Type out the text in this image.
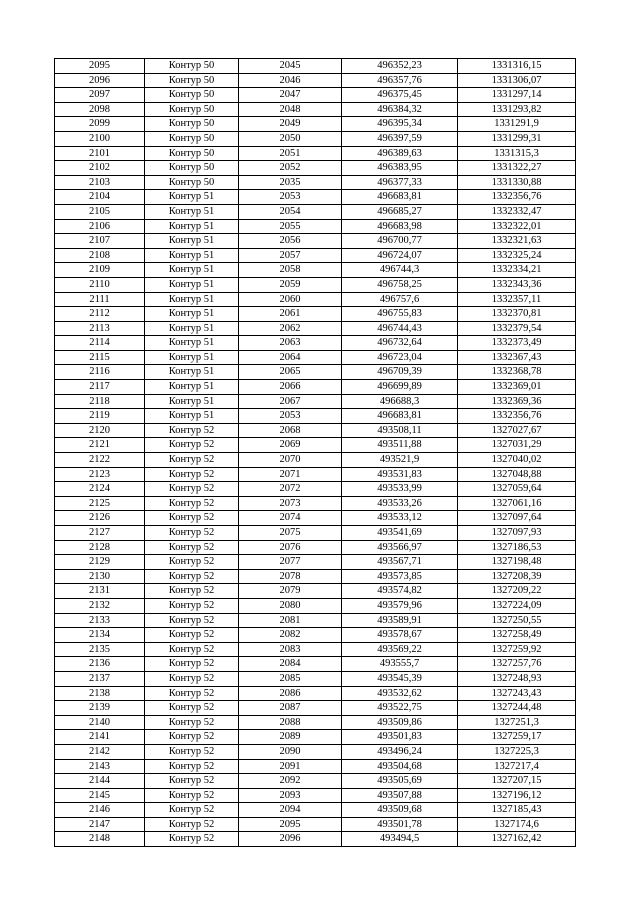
2095	Контур 50	2045	496352,23	1331316,15
2096	Контур 50	2046	496357,76	1331306,07
2097	Контур 50	2047	496375,45	1331297,14
2098	Контур 50	2048	496384,32	1331293,82
2099	Контур 50	2049	496395,34	1331291,9
2100	Контур 50	2050	496397,59	1331299,31
2101	Контур 50	2051	496389,63	1331315,3
2102	Контур 50	2052	496383,95	1331322,27
2103	Контур 50	2035	496377,33	1331330,88
2104	Контур 51	2053	496683,81	1332356,76
2105	Контур 51	2054	496685,27	1332332,47
2106	Контур 51	2055	496683,98	1332322,01
2107	Контур 51	2056	496700,77	1332321,63
2108	Контур 51	2057	496724,07	1332325,24
2109	Контур 51	2058	496744,3	1332334,21
2110	Контур 51	2059	496758,25	1332343,36
2111	Контур 51	2060	496757,6	1332357,11
2112	Контур 51	2061	496755,83	1332370,81
2113	Контур 51	2062	496744,43	1332379,54
2114	Контур 51	2063	496732,64	1332373,49
2115	Контур 51	2064	496723,04	1332367,43
2116	Контур 51	2065	496709,39	1332368,78
2117	Контур 51	2066	496699,89	1332369,01
2118	Контур 51	2067	496688,3	1332369,36
2119	Контур 51	2053	496683,81	1332356,76
2120	Контур 52	2068	493508,11	1327027,67
2121	Контур 52	2069	493511,88	1327031,29
2122	Контур 52	2070	493521,9	1327040,02
2123	Контур 52	2071	493531,83	1327048,88
2124	Контур 52	2072	493533,99	1327059,64
2125	Контур 52	2073	493533,26	1327061,16
2126	Контур 52	2074	493533,12	1327097,64
2127	Контур 52	2075	493541,69	1327097,93
2128	Контур 52	2076	493566,97	1327186,53
2129	Контур 52	2077	493567,71	1327198,48
2130	Контур 52	2078	493573,85	1327208,39
2131	Контур 52	2079	493574,82	1327209,22
2132	Контур 52	2080	493579,96	1327224,09
2133	Контур 52	2081	493589,91	1327250,55
2134	Контур 52	2082	493578,67	1327258,49
2135	Контур 52	2083	493569,22	1327259,92
2136	Контур 52	2084	493555,7	1327257,76
2137	Контур 52	2085	493545,39	1327248,93
2138	Контур 52	2086	493532,62	1327243,43
2139	Контур 52	2087	493522,75	1327244,48
2140	Контур 52	2088	493509,86	1327251,3
2141	Контур 52	2089	493501,83	1327259,17
2142	Контур 52	2090	493496,24	1327225,3
2143	Контур 52	2091	493504,68	1327217,4
2144	Контур 52	2092	493505,69	1327207,15
2145	Контур 52	2093	493507,88	1327196,12
2146	Контур 52	2094	493509,68	1327185,43
2147	Контур 52	2095	493501,78	1327174,6
2148	Контур 52	2096	493494,5	1327162,42
